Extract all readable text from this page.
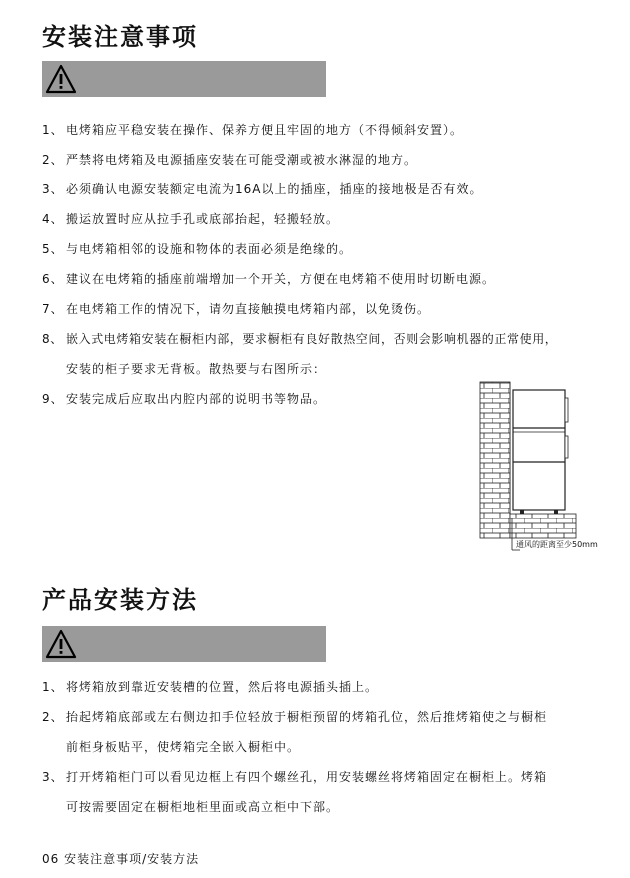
安装注意事项

1、 电烤箱应平稳安装在操作、保养方便且牢固的地方（不得倾斜安置）。

2、 严禁将电烤箱及电源插座安装在可能受潮或被水淋湿的地方。

3、 必须确认电源安装额定电流为16A以上的插座，插座的接地极是否有效。

4、 搬运放置时应从拉手孔或底部抬起，轻搬轻放。

5、 与电烤箱相邻的设施和物体的表面必须是绝缘的。

6、 建议在电烤箱的插座前端增加一个开关，方便在电烤箱不使用时切断电源。

7、 在电烤箱工作的情况下，请勿直接触摸电烤箱内部，以免烫伤。

8、 嵌入式电烤箱安装在橱柜内部，要求橱柜有良好散热空间，否则会影响机器的正常使用，

安装的柜子要求无背板。散热要与右图所示：

9、 安装完成后应取出内腔内部的说明书等物品。

通风的距离至少50mm
产品安装方法

1、 将烤箱放到靠近安装槽的位置，然后将电源插头插上。

2、 抬起烤箱底部或左右侧边扣手位轻放于橱柜预留的烤箱孔位，然后推烤箱使之与橱柜

前柜身板贴平，使烤箱完全嵌入橱柜中。

3、 打开烤箱柜门可以看见边框上有四个螺丝孔，用安装螺丝将烤箱固定在橱柜上。烤箱

可按需要固定在橱柜地柜里面或高立柜中下部。

06 安装注意事项/安装方法
